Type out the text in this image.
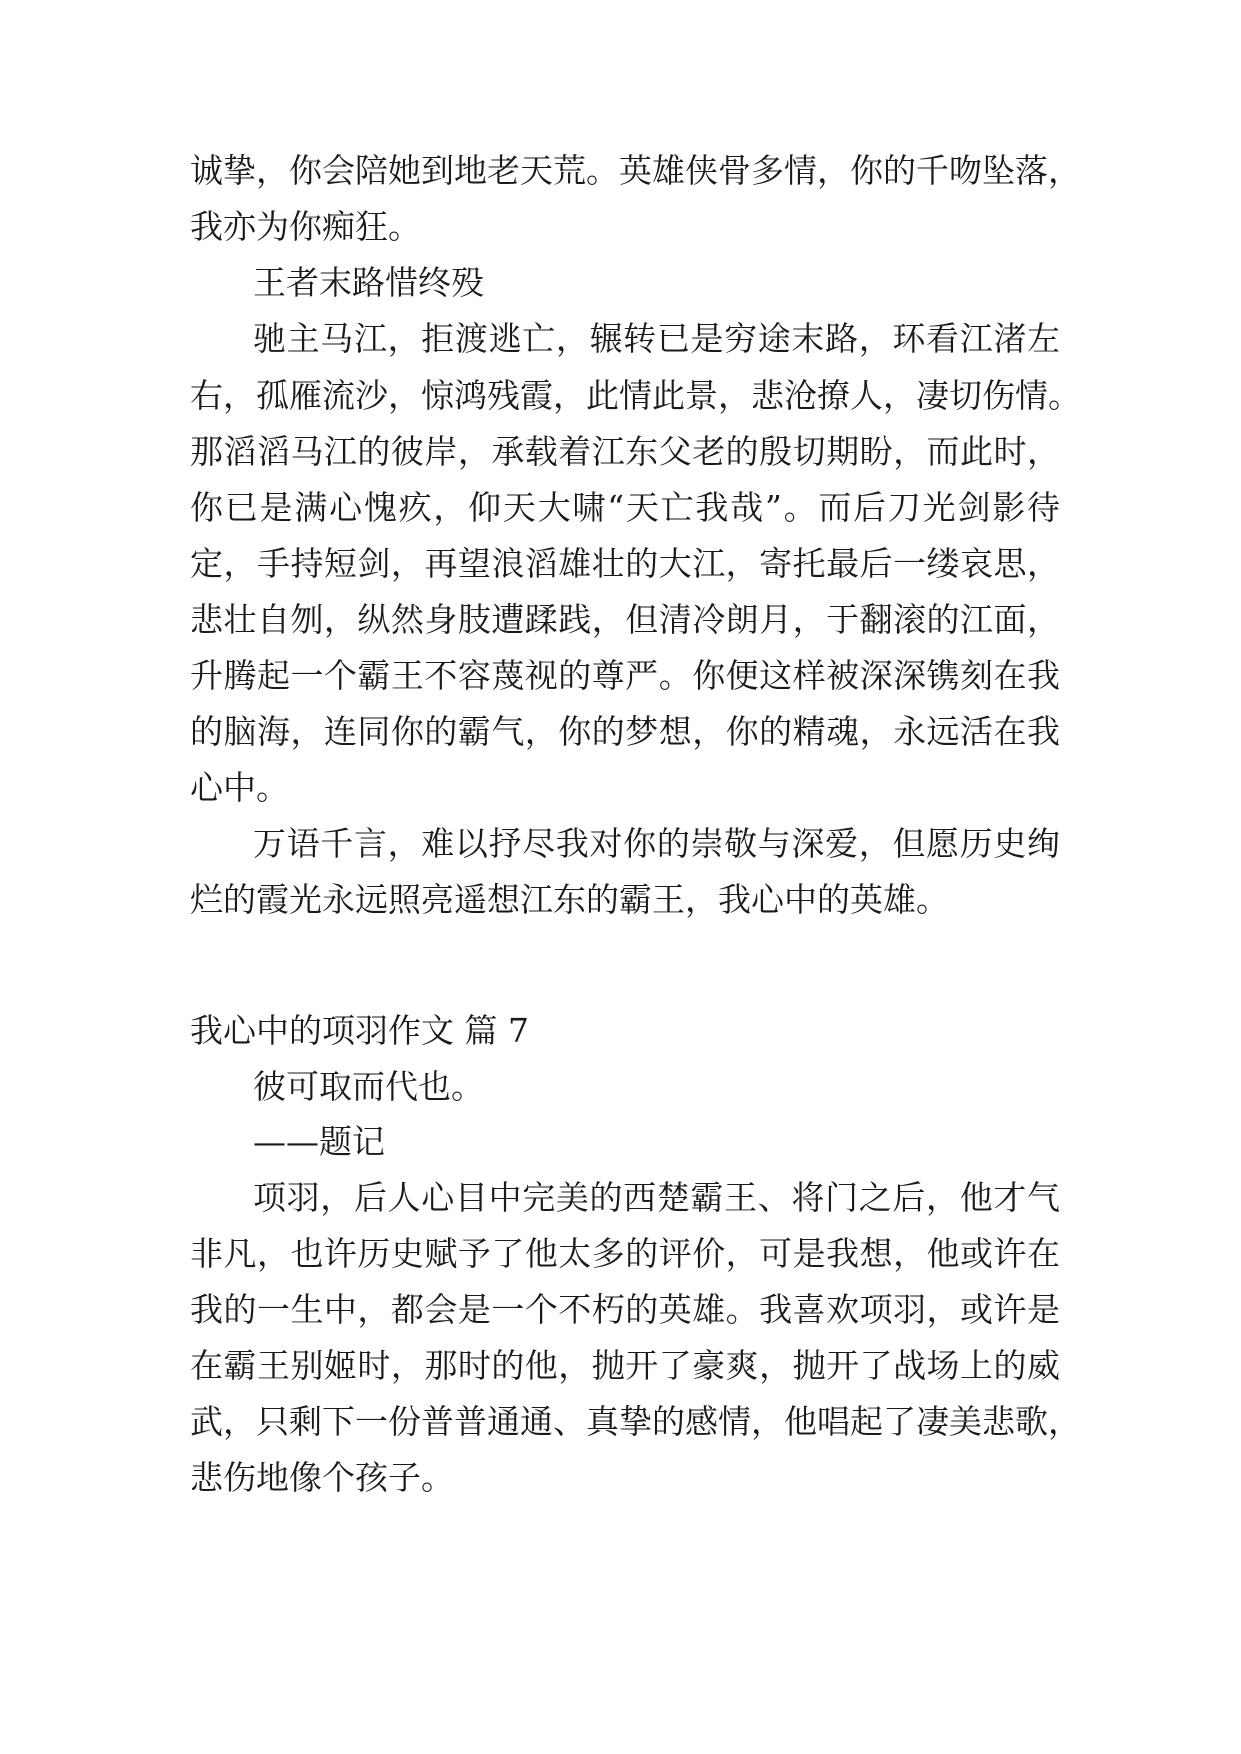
诚挚，你会陪她到地老天荒。英雄侠骨多情，你的千吻坠落，
我亦为你痴狂。
王者末路惜终殁
驰主马江，拒渡逃亡，辗转已是穷途末路，环看江渚左
右，孤雁流沙，惊鸿残霞，此情此景，悲沧撩人，凄切伤情。
那滔滔马江的彼岸，承载着江东父老的殷切期盼，而此时，
你已是满心愧疚，仰天大啸“天亡我哉”。而后刀光剑影待
定，手持短剑，再望浪滔雄壮的大江，寄托最后一缕哀思，
悲壮自刎，纵然身肢遭蹂践，但清冷朗月，于翻滚的江面，
升腾起一个霸王不容蔑视的尊严。你便这样被深深镌刻在我
的脑海，连同你的霸气，你的梦想，你的精魂，永远活在我
心中。
万语千言，难以抒尽我对你的崇敬与深爱，但愿历史绚
烂的霞光永远照亮遥想江东的霸王，我心中的英雄。
我心中的项羽作文 篇 7
彼可取而代也。
——题记
项羽，后人心目中完美的西楚霸王、将门之后，他才气
非凡，也许历史赋予了他太多的评价，可是我想，他或许在
我的一生中，都会是一个不朽的英雄。我喜欢项羽，或许是
在霸王别姬时，那时的他，抛开了豪爽，抛开了战场上的威
武，只剩下一份普普通通、真挚的感情，他唱起了凄美悲歌，
悲伤地像个孩子。
